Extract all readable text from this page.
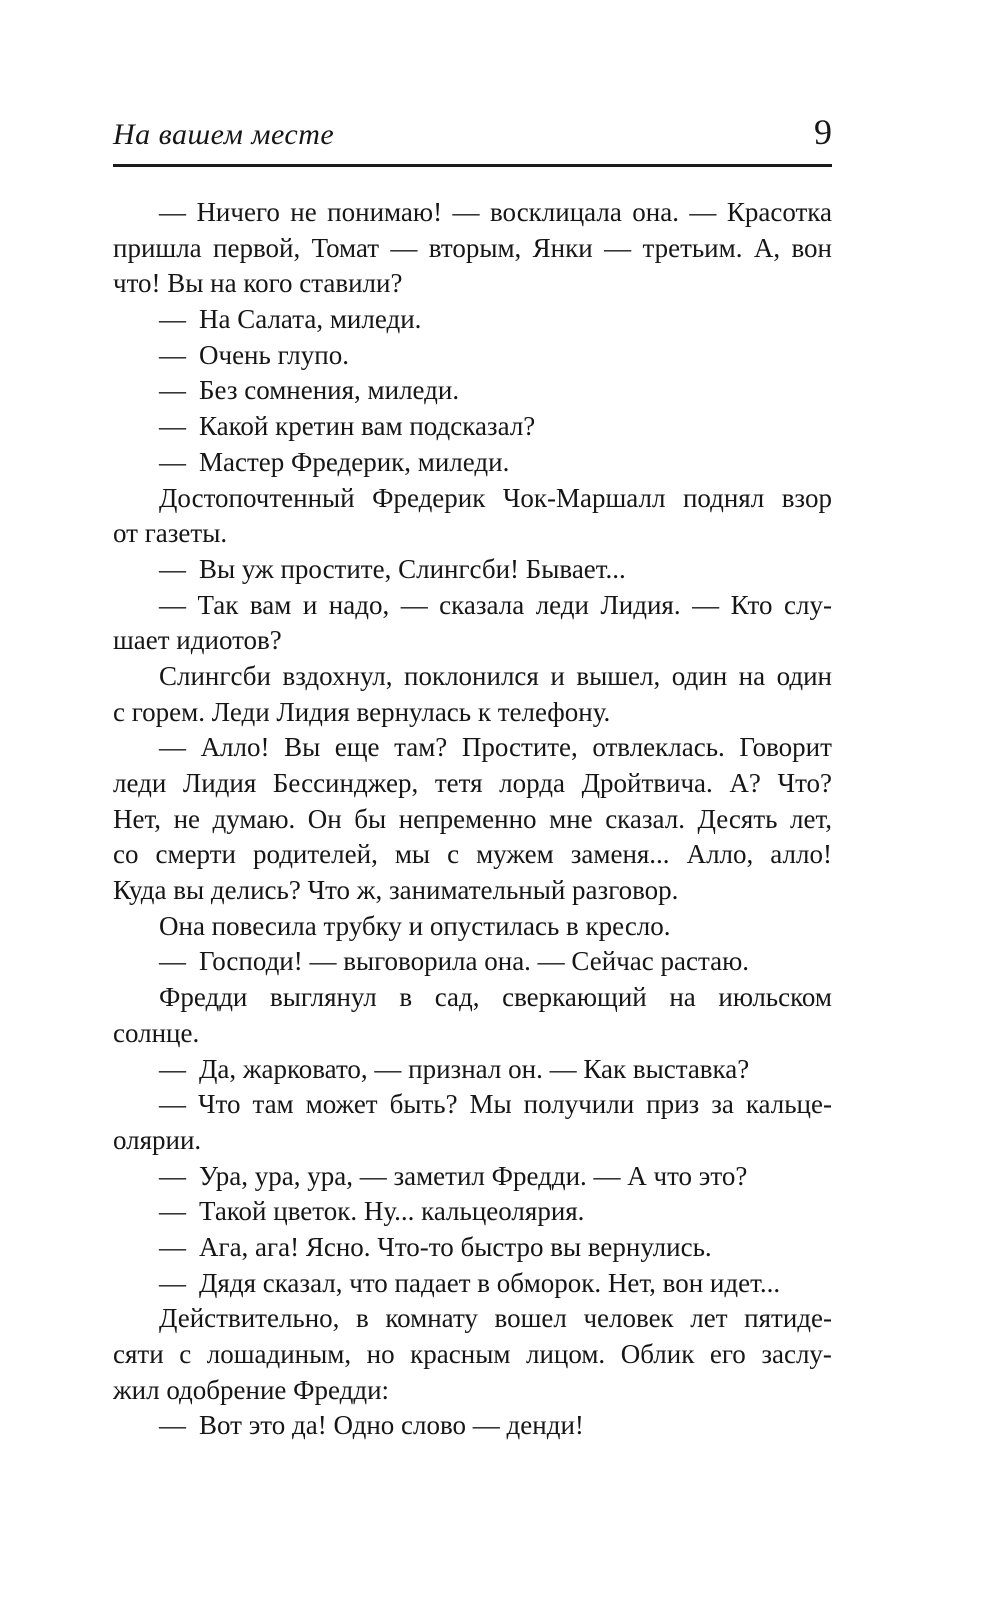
На вашем месте	9
— Ничего не понимаю! — восклицала она. — Красотка
пришла первой, Томат — вторым, Янки — третьим. А, вон
что! Вы на кого ставили?
— На Салата, миледи.
— Очень глупо.
— Без сомнения, миледи.
— Какой кретин вам подсказал?
— Мастер Фредерик, миледи.
Достопочтенный Фредерик Чок-Маршалл поднял взор
от газеты.
— Вы уж простите, Слингсби! Бывает...
— Так вам и надо, — сказала леди Лидия. — Кто слу-
шает идиотов?
Слингсби вздохнул, поклонился и вышел, один на один
с горем. Леди Лидия вернулась к телефону.
— Алло! Вы еще там? Простите, отвлеклась. Говорит
леди Лидия Бессинджер, тетя лорда Дройтвича. А? Что?
Нет, не думаю. Он бы непременно мне сказал. Десять лет,
со смерти родителей, мы с мужем заменя... Алло, алло!
Куда вы делись? Что ж, занимательный разговор.
Она повесила трубку и опустилась в кресло.
— Господи! — выговорила она. — Сейчас растаю.
Фредди выглянул в сад, сверкающий на июльском
солнце.
— Да, жарковато, — признал он. — Как выставка?
— Что там может быть? Мы получили приз за кальце-
олярии.
— Ура, ура, ура, — заметил Фредди. — А что это?
— Такой цветок. Ну... кальцеолярия.
— Ага, ага! Ясно. Что-то быстро вы вернулись.
— Дядя сказал, что падает в обморок. Нет, вон идет...
Действительно, в комнату вошел человек лет пятиде-
сяти с лошадиным, но красным лицом. Облик его заслу-
жил одобрение Фредди:
— Вот это да! Одно слово — денди!
